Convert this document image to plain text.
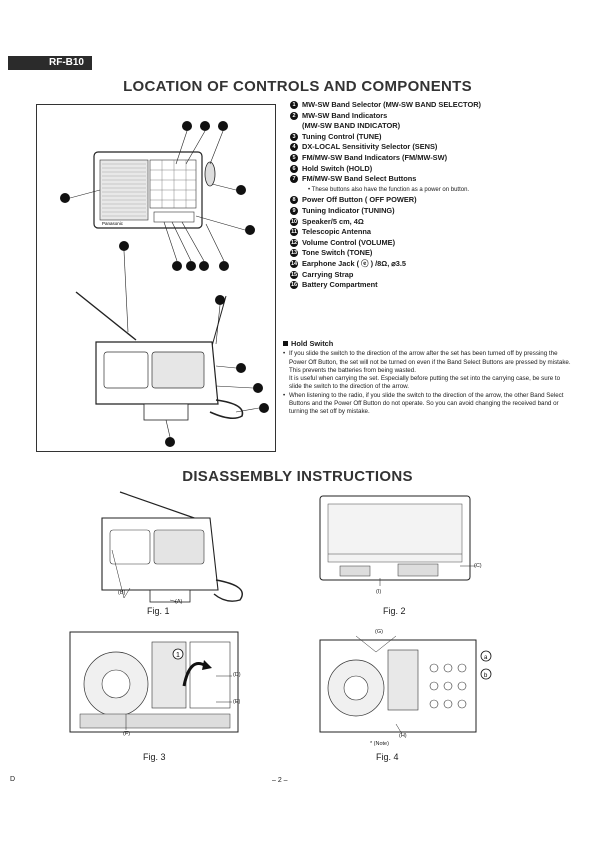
RF-B10
LOCATION OF CONTROLS AND COMPONENTS
Panasonic
1 MW-SW Band Selector (MW-SW BAND SELECTOR)
2 MW-SW Band Indicators
(MW-SW BAND INDICATOR)
3 Tuning Control (TUNE)
4 DX-LOCAL Sensitivity Selector (SENS)
5 FM/MW-SW Band Indicators (FM/MW-SW)
6 Hold Switch (HOLD)
7 FM/MW-SW Band Select Buttons
• These buttons also have the function as a power on button.
8 Power Off Button ( OFF POWER)
9 Tuning Indicator (TUNING)
10 Speaker/5 cm, 4Ω
11 Telescopic Antenna
12 Volume Control (VOLUME)
13 Tone Switch (TONE)
14 Earphone Jack ( ⓔ ) /8Ω, ⌀3.5
15 Carrying Strap
16 Battery Compartment
Hold Switch
• If you slide the switch to the direction of the arrow after the set has been turned off by pressing the Power Off Button, the set will not be turned on even if the Band Select Buttons are pressed by mistake. This prevents the batteries from being wasted.

It is useful when carrying the set. Especially before putting the set into the carrying case, be sure to slide the switch to the direction of the arrow.

• When listening to the radio, if you slide the switch to the direction of the arrow, the other Band Select Buttons and the Power Off Button do not operate. So you can avoid changing the received band or turning the set off by mistake.

DISASSEMBLY INSTRUCTIONS
(B)
(A)
Fig. 1
(C)
(I)
Fig. 2
1
(D)
(E)
(F)
Fig. 3
a
b
(G)
(H)
* (Note)
Fig. 4
D	– 2 –
